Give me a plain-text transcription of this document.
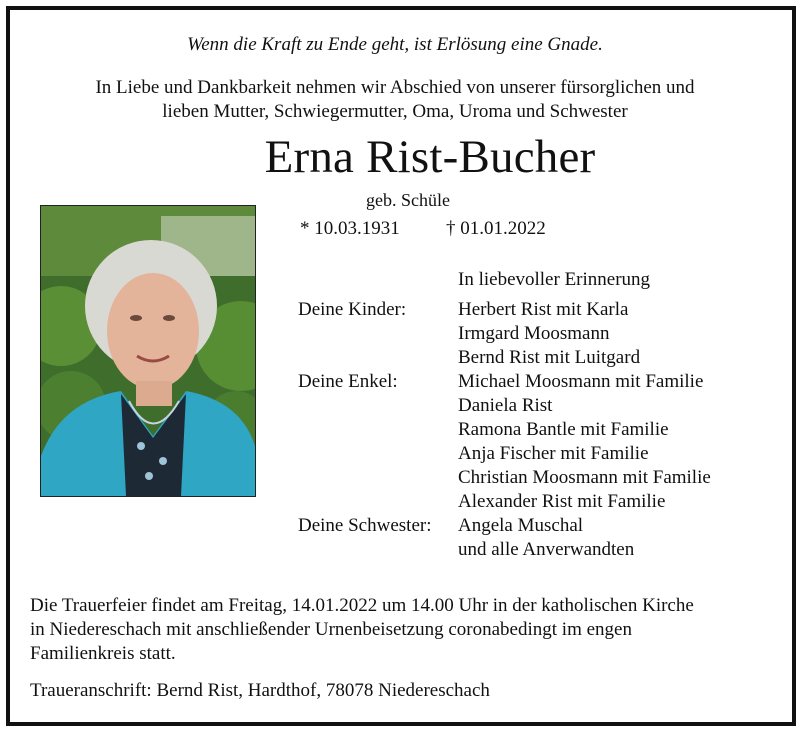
Wenn die Kraft zu Ende geht, ist Erlösung eine Gnade.
In Liebe und Dankbarkeit nehmen wir Abschied von unserer fürsorglichen und
lieben Mutter, Schwiegermutter, Oma, Uroma und Schwester
Erna Rist-Bucher
geb. Schüle
* 10.03.1931 † 01.01.2022
In liebevoller Erinnerung
Deine Kinder:	Herbert Rist mit Karla
Irmgard Moosmann
Bernd Rist mit Luitgard
Deine Enkel:	Michael Moosmann mit Familie
Daniela Rist
Ramona Bantle mit Familie
Anja Fischer mit Familie
Christian Moosmann mit Familie
Alexander Rist mit Familie
Deine Schwester: Angela Muschal
und alle Anverwandten
Die Trauerfeier findet am Freitag, 14.01.2022 um 14.00 Uhr in der katholischen Kirche
in Niedereschach mit anschließender Urnenbeisetzung coronabedingt im engen
Familienkreis statt.
Traueranschrift: Bernd Rist, Hardthof, 78078 Niedereschach
